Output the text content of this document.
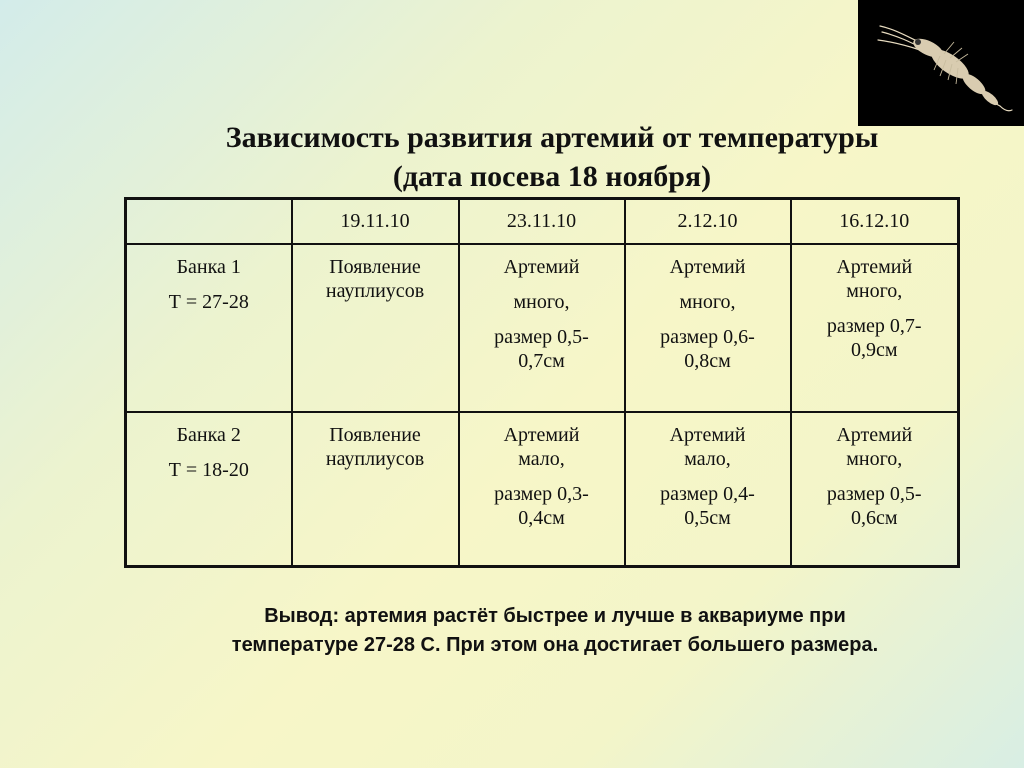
Зависимость развития артемий от температуры
(дата посева 18 ноября)
	19.11.10	23.11.10	2.12.10	16.12.10

Банка 1
Т = 27-28	Появление
науплиусов	Артемий
много,
размер 0,5-
0,7см	Артемий
много,
размер 0,6-
0,8см	Артемий
много,
размер 0,7-
0,9см

Банка 2
Т = 18-20	Появление
науплиусов	Артемий
мало,
размер 0,3-
0,4см	Артемий
мало,
размер 0,4-
0,5см	Артемий
много,
размер 0,5-
0,6см
Вывод: артемия растёт быстрее и лучше в аквариуме при
температуре 27-28 С. При этом она достигает большего размера.
